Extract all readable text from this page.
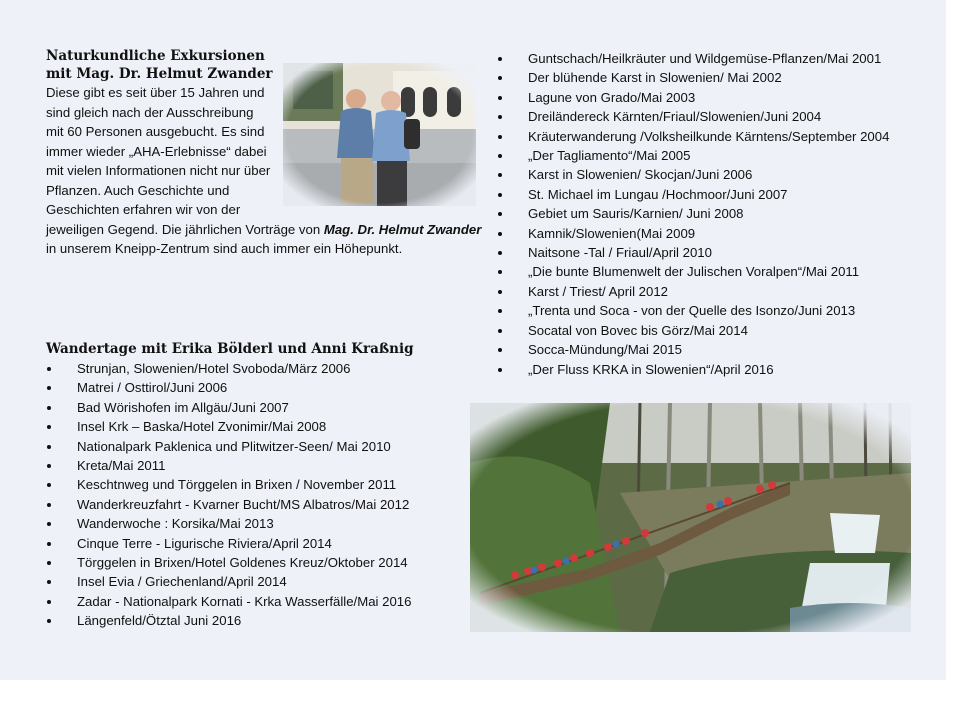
Naturkundliche Exkursionen
mit Mag. Dr. Helmut Zwander
Diese gibt es seit über 15 Jahren und sind gleich nach der Ausschreibung mit 60 Personen ausgebucht. Es sind immer wieder „AHA-Erlebnisse“ dabei mit vielen Informationen nicht nur über Pflanzen. Auch Geschichte und Geschichten erfahren wir von der jeweiligen Gegend. Die jährlichen Vorträge von Mag. Dr. Helmut Zwander in unserem Kneipp-Zentrum sind auch immer ein Höhepunkt.
Guntschach/Heilkräuter und Wildgemüse-Pflanzen/Mai 2001
Der blühende Karst in Slowenien/ Mai 2002
Lagune von Grado/Mai 2003
Dreiländereck Kärnten/Friaul/Slowenien/Juni 2004
Kräuterwanderung /Volksheilkunde Kärntens/September 2004
„Der Tagliamento“/Mai 2005
Karst in Slowenien/ Skocjan/Juni 2006
St. Michael im Lungau /Hochmoor/Juni 2007
Gebiet um Sauris/Karnien/ Juni 2008
Kamnik/Slowenien(Mai 2009
Naitsone -Tal / Friaul/April 2010
„Die bunte Blumenwelt der Julischen Voralpen“/Mai 2011
Karst / Triest/ April 2012
„Trenta und Soca - von der Quelle des Isonzo/Juni 2013
Socatal von Bovec bis Görz/Mai 2014
Socca-Mündung/Mai 2015
„Der Fluss KRKA in Slowenien“/April 2016
Wandertage mit Erika Bölderl und Anni Kraßnig
Strunjan, Slowenien/Hotel Svoboda/März 2006
Matrei / Osttirol/Juni 2006
Bad Wörishofen im Allgäu/Juni 2007
Insel Krk – Baska/Hotel Zvonimir/Mai 2008
Nationalpark Paklenica und Plitwitzer-Seen/ Mai 2010
Kreta/Mai 2011
Keschtnweg und Törggelen in Brixen / November 2011
Wanderkreuzfahrt - Kvarner Bucht/MS Albatros/Mai 2012
Wanderwoche : Korsika/Mai 2013
Cinque Terre - Ligurische Riviera/April 2014
Törggelen in Brixen/Hotel Goldenes Kreuz/Oktober 2014
Insel Evia / Griechenland/April 2014
Zadar - Nationalpark Kornati - Krka Wasserfälle/Mai 2016
Längenfeld/Ötztal Juni 2016
